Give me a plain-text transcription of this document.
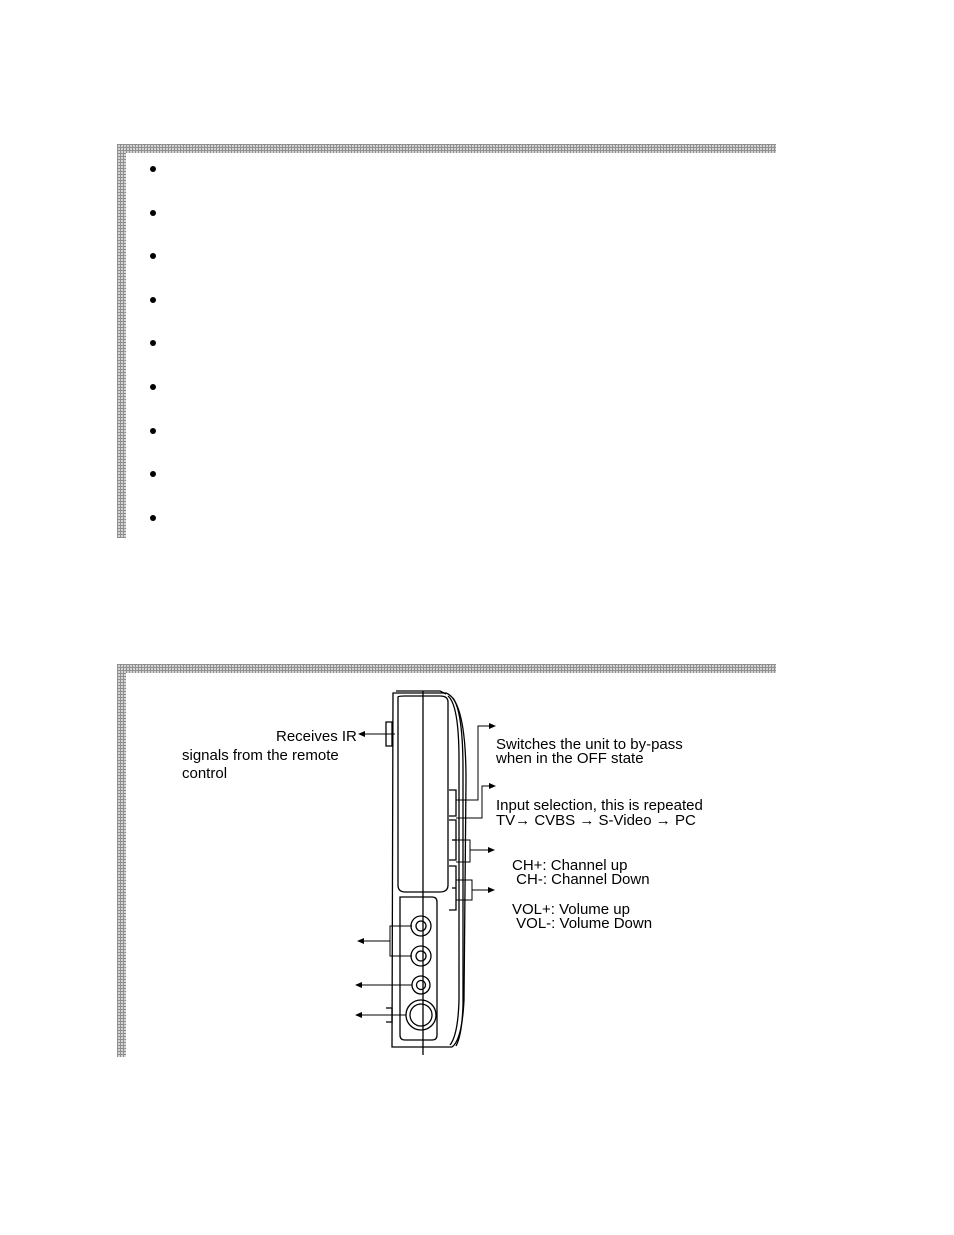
Receives IR
signals from the remote
control
Switches the unit to by-pass
when in the OFF state
Input selection, this is repeated
TV→ CVBS → S-Video → PC
CH+: Channel up
CH-: Channel Down
VOL+: Volume up
VOL-: Volume Down
